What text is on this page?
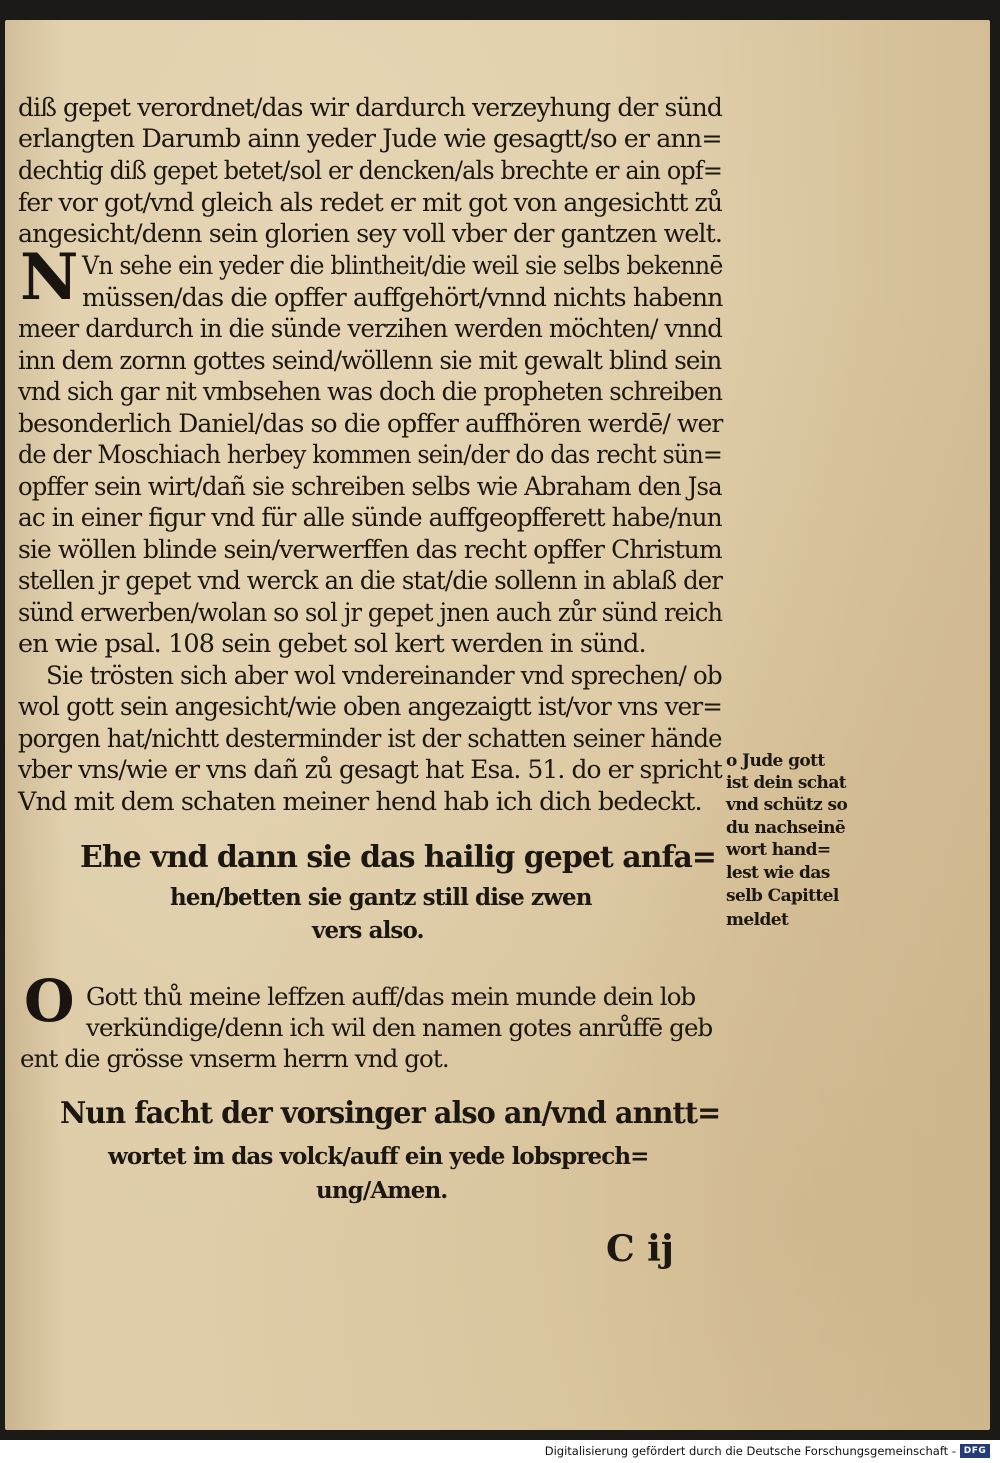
diß gepet verordnet/das wir dardurch verzeyhung der sünd
erlangten Darumb ainn yeder Jude wie gesagtt/so er ann=
dechtig diß gepet betet/sol er dencken/als brechte er ain opf=
fer vor got/vnd gleich als redet er mit got von angesichtt zů
angesicht/denn sein glorien sey voll vber der gantzen welt.
N Vn sehe ein yeder die blintheit/die weil sie selbs bekennē
müssen/das die opffer auffgehört/vnnd nichts habenn
meer dardurch in die sünde verzihen werden möchten/ vnnd
inn dem zornn gottes seind/wöllenn sie mit gewalt blind sein
vnd sich gar nit vmbsehen was doch die propheten schreiben
besonderlich Daniel/das so die opffer auffhören werdē/ wer
de der Moschiach herbey kommen sein/der do das recht sün=
opffer sein wirt/dañ sie schreiben selbs wie Abraham den Jsa
ac in einer figur vnd für alle sünde auffgeopfferett habe/nun
sie wöllen blinde sein/verwerffen das recht opffer Christum
stellen jr gepet vnd werck an die stat/die sollenn in ablaß der
sünd erwerben/wolan so sol jr gepet jnen auch zůr sünd reich
en wie psal. 108 sein gebet sol kert werden in sünd.
Sie trösten sich aber wol vndereinander vnd sprechen/ ob
wol gott sein angesicht/wie oben angezaigtt ist/vor vns ver=
porgen hat/nichtt desterminder ist der schatten seiner hände
vber vns/wie er vns dañ zů gesagt hat Esa. 51. do er spricht
Vnd mit dem schaten meiner hend hab ich dich bedeckt.
o Jude gott
ist dein schat
vnd schütz so
du nachseinē
wort hand=
lest wie das
selb Capittel
meldet
Ehe vnd dann sie das hailig gepet anfa=
hen/betten sie gantz still dise zwen
vers also.
O Gott thů meine leffzen auff/das mein munde dein lob
verkündige/denn ich wil den namen gotes anrůffē geb
ent die grösse vnserm herrn vnd got.
Nun facht der vorsinger also an/vnd anntt=
wortet im das volck/auff ein yede lobsprech=
ung/Amen.
C ij
Digitalisierung gefördert durch die Deutsche Forschungsgemeinschaft - DFG
